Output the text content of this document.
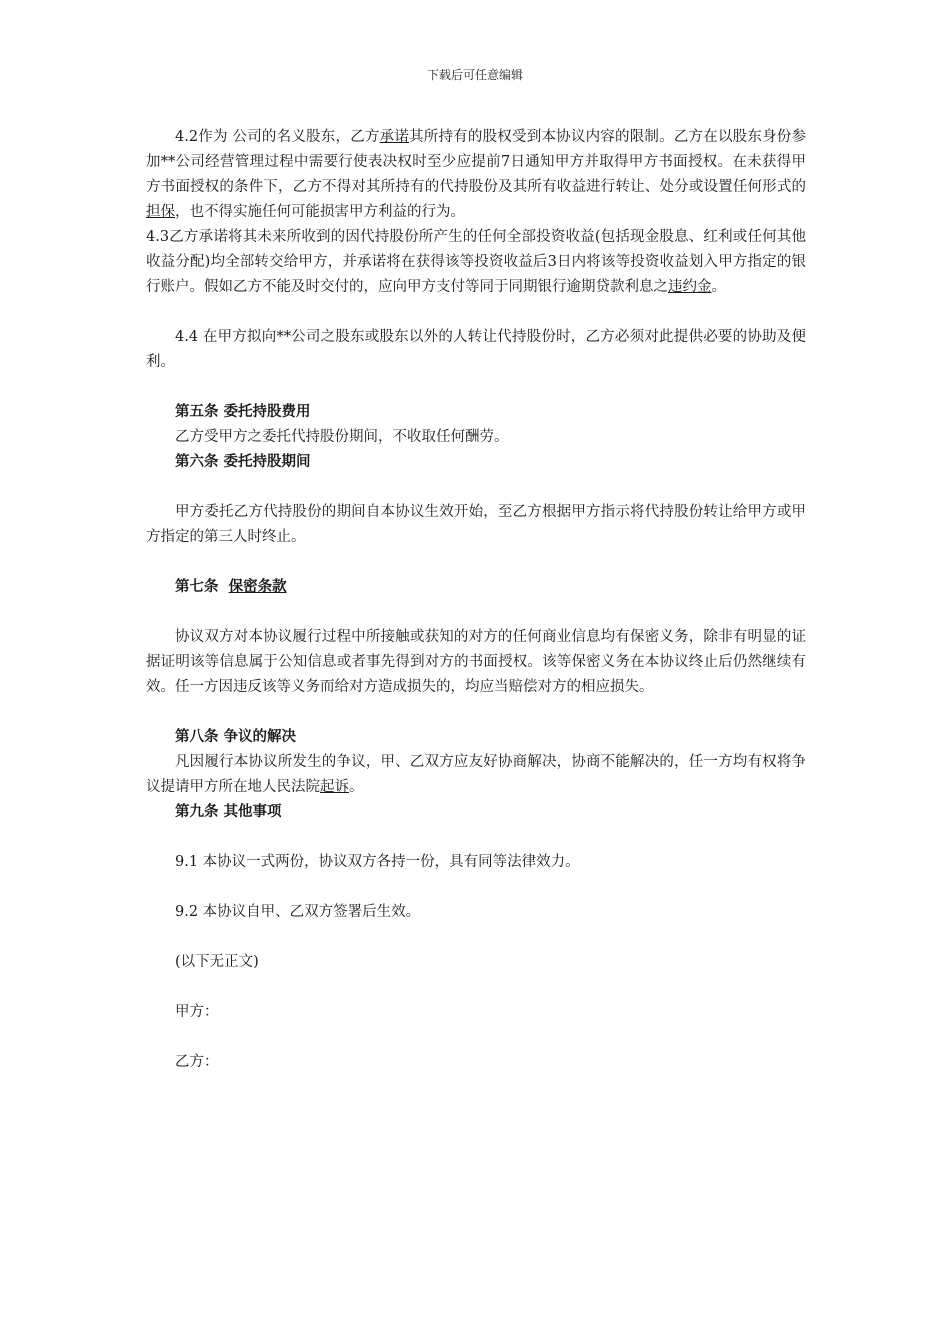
下载后可任意编辑

4.2作为 公司的名义股东，乙方承诺其所持有的股权受到本协议内容的限制。乙方在以股东身份参加**公司经营管理过程中需要行使表决权时至少应提前7日通知甲方并取得甲方书面授权。在未获得甲方书面授权的条件下，乙方不得对其所持有的代持股份及其所有收益进行转让、处分或设置任何形式的担保，也不得实施任何可能损害甲方利益的行为。

4.3乙方承诺将其未来所收到的因代持股份所产生的任何全部投资收益(包括现金股息、红利或任何其他收益分配)均全部转交给甲方，并承诺将在获得该等投资收益后3日内将该等投资收益划入甲方指定的银行账户。假如乙方不能及时交付的，应向甲方支付等同于同期银行逾期贷款利息之违约金。

4.4 在甲方拟向**公司之股东或股东以外的人转让代持股份时，乙方必须对此提供必要的协助及便利。

第五条 委托持股费用

乙方受甲方之委托代持股份期间，不收取任何酬劳。

第六条 委托持股期间

甲方委托乙方代持股份的期间自本协议生效开始，至乙方根据甲方指示将代持股份转让给甲方或甲方指定的第三人时终止。

第七条  保密条款

协议双方对本协议履行过程中所接触或获知的对方的任何商业信息均有保密义务，除非有明显的证据证明该等信息属于公知信息或者事先得到对方的书面授权。该等保密义务在本协议终止后仍然继续有效。任一方因违反该等义务而给对方造成损失的，均应当赔偿对方的相应损失。

第八条 争议的解决

凡因履行本协议所发生的争议，甲、乙双方应友好协商解决，协商不能解决的，任一方均有权将争议提请甲方所在地人民法院起诉。

第九条 其他事项

9.1 本协议一式两份，协议双方各持一份，具有同等法律效力。

9.2 本协议自甲、乙双方签署后生效。

(以下无正文)

甲方：

乙方：
